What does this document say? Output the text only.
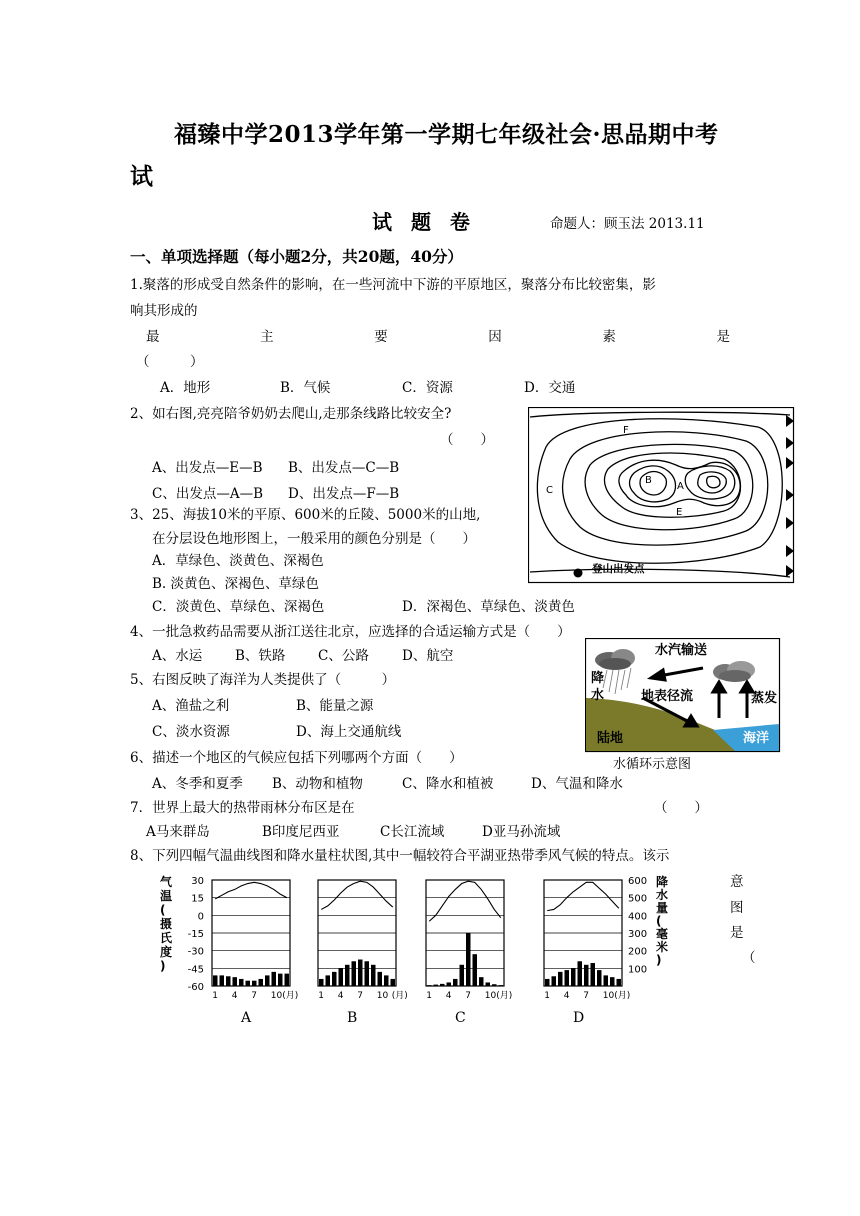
福臻中学2013学年第一学期七年级社会·思品期中考
试
试 题 卷	命题人：顾玉法 2013.11
一、单项选择题（每小题2分，共20题，40分）
1.聚落的形成受自然条件的影响，在一些河流中下游的平原地区，聚落分布比较密集，影
响其形成的
最	主	要	因	素	是
（　　　）
A．地形	B．气候	C．资源	D．交通
2、如右图,亮亮陪爷奶奶去爬山,走那条线路比较安全?
（　　）
A、出发点—E—B B、出发点—C—B
C、出发点—A—B D、出发点—F—B
3、25、海拔10米的平原、600米的丘陵、5000米的山地,
在分层设色地形图上，一般采用的颜色分别是（　　）
A．草绿色、淡黄色、深褐色
B. 淡黄色、深褐色、草绿色
C．淡黄色、草绿色、深褐色	D．深褐色、草绿色、淡黄色
4、一批急救药品需要从浙江送往北京，应选择的合适运输方式是（　　）
A、水运 B、铁路 C、公路 D、航空
5、右图反映了海洋为人类提供了（　　　）
A、渔盐之利	B、能量之源
C、淡水资源	D、海上交通航线
6、描述一个地区的气候应包括下列哪两个方面（　　）
A、冬季和夏季 B、动物和植物	C、降水和植被	D、气温和降水
7．世界上最大的热带雨林分布区是在	（　　）
A马来群岛	B印度尼西亚	C长江流域	D亚马孙流域
8、下列四幅气温曲线图和降水量柱状图,其中一幅较符合平湖亚热带季风气候的特点。该示
意
图
是
（
F
B
A
C
E
登山出发点
水汽输送
降
水	地表径流	蒸发
陆地	海洋
水循环示意图
1 4 7 10(月)
A
30
15
0
-15
-30
-45
-60
气
温
(
摄
氏
度
)
1 4 7 10 (月)
B
1 4 7 10(月)
C
1 4 7 10(月)
D
600
500
400
300
200
100
降
水
量
(
毫
米
)
